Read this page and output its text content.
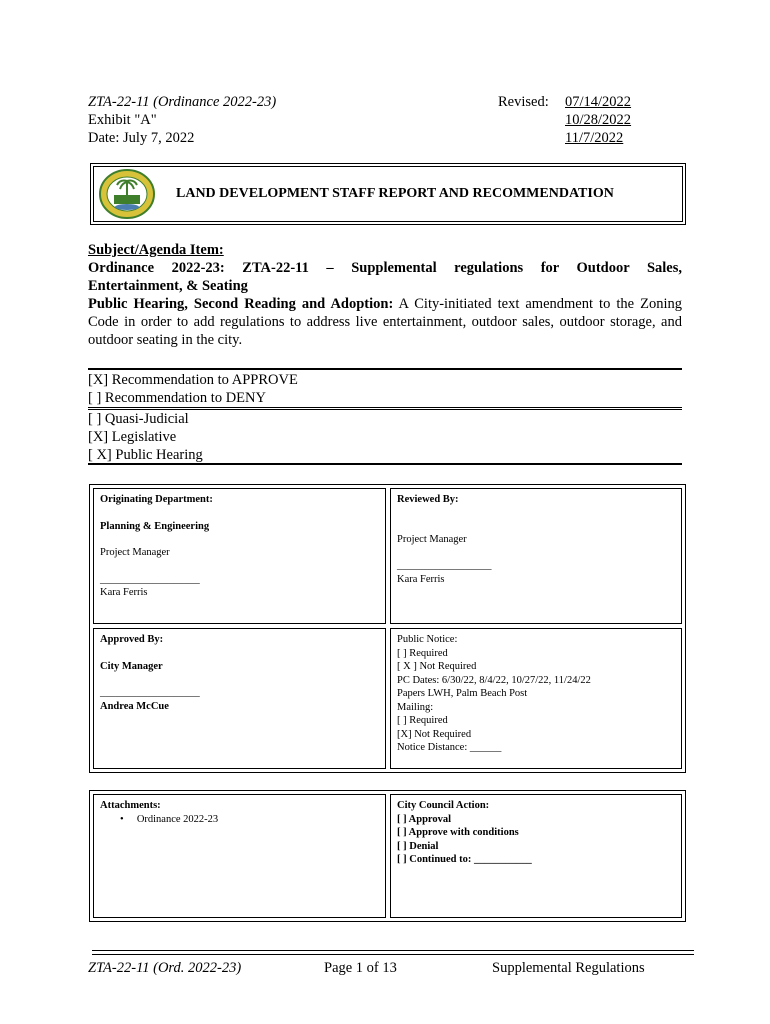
ZTA-22-11 (Ordinance 2022-23)
Exhibit "A"
Date: July 7, 2022
Revised:	07/14/2022
10/28/2022
11/7/2022
LAND DEVELOPMENT STAFF REPORT AND RECOMMENDATION
Subject/Agenda Item:
Ordinance 2022-23: ZTA-22-11 – Supplemental regulations for Outdoor Sales,
Entertainment, & Seating
Public Hearing, Second Reading and Adoption: A City-initiated text amendment to the Zoning Code in order to add regulations to address live entertainment, outdoor sales, outdoor storage, and outdoor seating in the city.
[X] Recommendation to APPROVE
[ ] Recommendation to DENY
[ ] Quasi-Judicial
[X] Legislative
[ X] Public Hearing
Originating Department:
Planning & Engineering
Project Manager
___________________
Kara Ferris
Reviewed By:
Project Manager
__________________
Kara Ferris
Approved By:
City Manager
___________________
Andrea McCue
Public Notice:
[ ] Required
[ X ] Not Required
PC Dates: 6/30/22, 8/4/22, 10/27/22, 11/24/22
Papers LWH, Palm Beach Post
Mailing:
[ ] Required
[X] Not Required
Notice Distance: ______
Attachments:
•     Ordinance 2022-23
City Council Action:
[ ] Approval
[ ] Approve with conditions
[ ] Denial
[ ] Continued to: ___________
ZTA-22-11 (Ord. 2022-23)	Page 1 of 13	Supplemental Regulations
